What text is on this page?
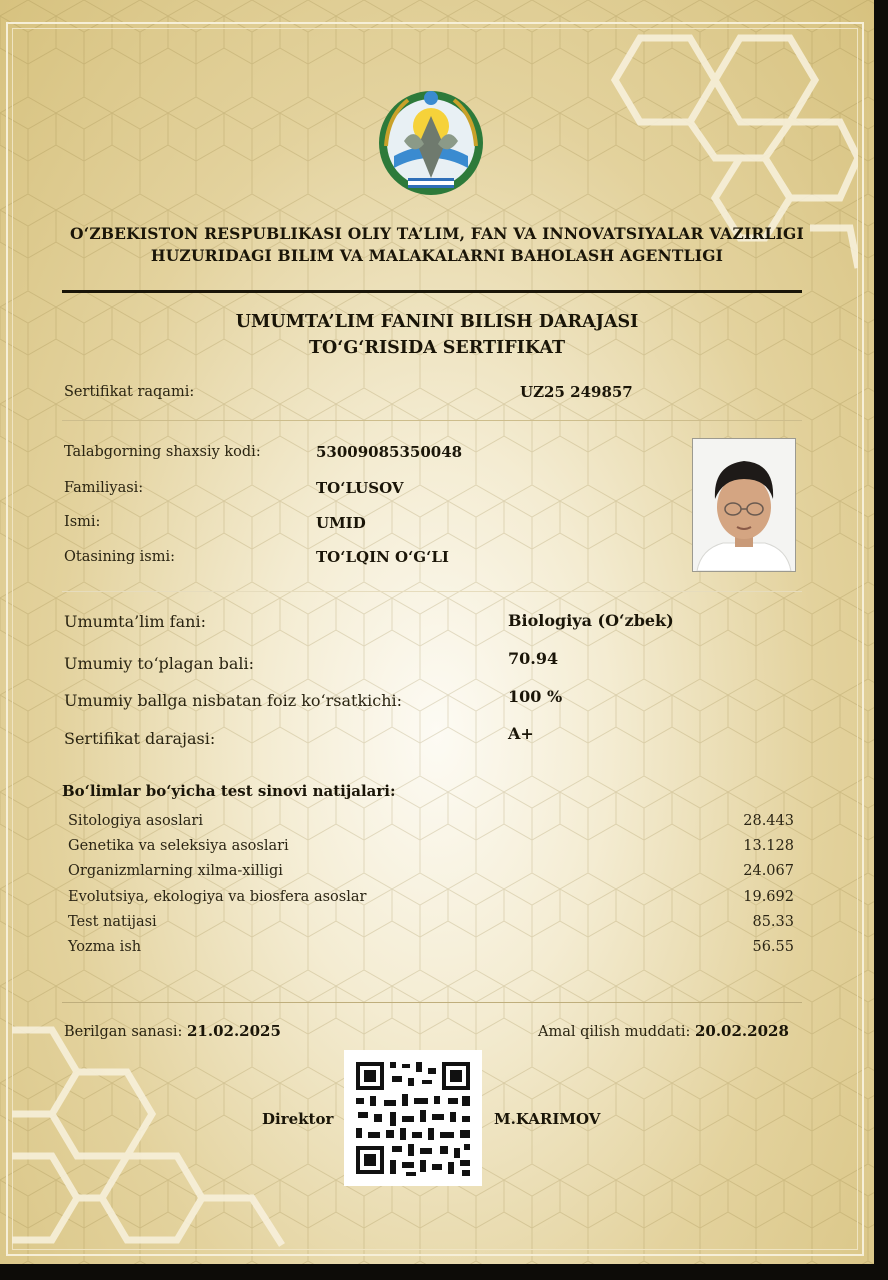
O‘ZBEKISTON RESPUBLIKASI OLIY TA’LIM, FAN VA INNOVATSIYALAR VAZIRLIGI
HUZURIDAGI BILIM VA MALAKALARNI BAHOLASH AGENTLIGI
UMUMTA’LIM FANINI BILISH DARAJASI
TO‘G‘RISIDA SERTIFIKAT
Sertifikat raqami:	UZ25 249857
Talabgorning shaxsiy kodi:	53009085350048
Familiyasi:	TO‘LUSOV
Ismi:	UMID
Otasining ismi:	TO‘LQIN O‘G‘LI
Umumta’lim fani:	Biologiya (O‘zbek)
Umumiy to‘plagan bali:	70.94
Umumiy ballga nisbatan foiz ko‘rsatkichi:	100 %
Sertifikat darajasi:	A+
Bo‘limlar bo‘yicha test sinovi natijalari:
Sitologiya asoslari	28.443
Genetika va seleksiya asoslari	13.128
Organizmlarning xilma-xilligi	24.067
Evolutsiya, ekologiya va biosfera asoslar	19.692
Test natijasi	85.33
Yozma ish	56.55
Berilgan sanasi: 21.02.2025	Amal qilish muddati: 20.02.2028
Direktor	M.KARIMOV
